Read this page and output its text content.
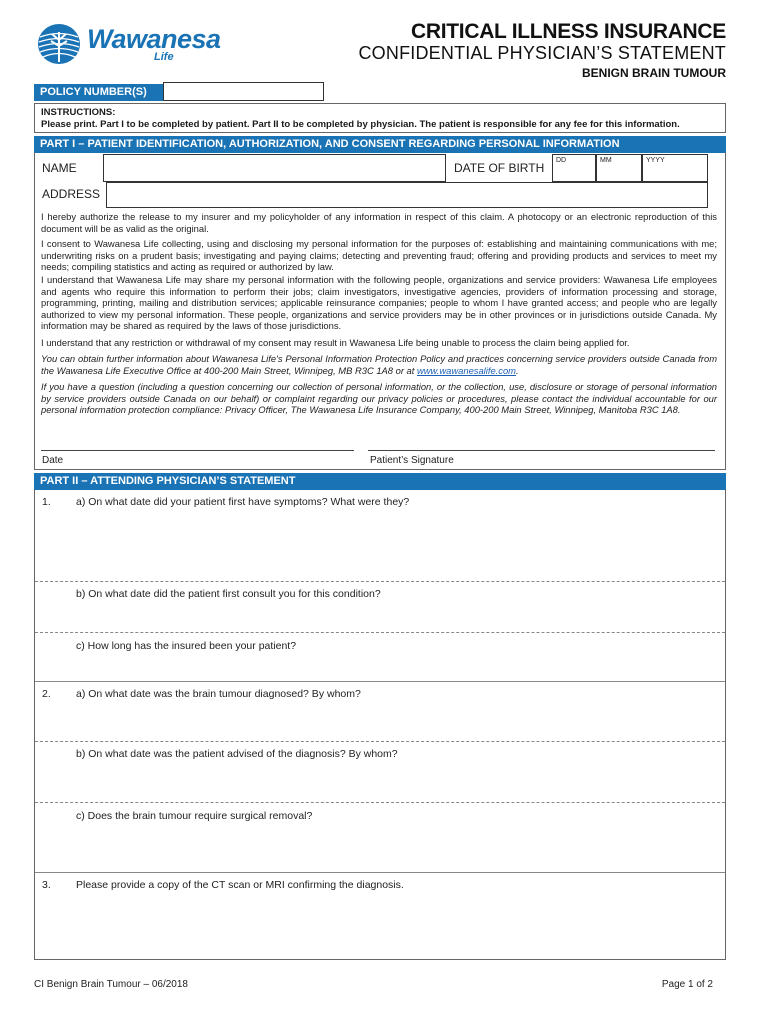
Wawanesa
Life
CRITICAL ILLNESS INSURANCE
CONFIDENTIAL PHYSICIAN’S STATEMENT
BENIGN BRAIN TUMOUR
POLICY NUMBER(S)
INSTRUCTIONS:
Please print. Part I to be completed by patient. Part II to be completed by physician. The patient is responsible for any fee for this information.
PART I – PATIENT IDENTIFICATION, AUTHORIZATION, AND CONSENT REGARDING PERSONAL INFORMATION
NAME	DATE OF BIRTH
DD	MM	YYYY
ADDRESS
I hereby authorize the release to my insurer and my policyholder of any information in respect of this claim. A photocopy or an electronic reproduction of this document will be as valid as the original.
I consent to Wawanesa Life collecting, using and disclosing my personal information for the purposes of: establishing and maintaining communications with me; underwriting risks on a prudent basis; investigating and paying claims; detecting and preventing fraud; offering and providing products and services to meet my needs; compiling statistics and acting as required or authorized by law.
I understand that Wawanesa Life may share my personal information with the following people, organizations and service providers: Wawanesa Life employees and agents who require this information to perform their jobs; claim investigators, investigative agencies, providers of information processing and storage, programming, printing, mailing and distribution services; applicable reinsurance companies; people to whom I have granted access; and people who are legally authorized to view my personal information. These people, organizations and service providers may be in other provinces or in jurisdictions outside Canada. My information may be shared as required by the laws of those jurisdictions.
I understand that any restriction or withdrawal of my consent may result in Wawanesa Life being unable to process the claim being applied for.
You can obtain further information about Wawanesa Life's Personal Information Protection Policy and practices concerning service providers outside Canada from the Wawanesa Life Executive Office at 400-200 Main Street, Winnipeg, MB R3C 1A8 or at www.wawanesalife.com.
If you have a question (including a question concerning our collection of personal information, or the collection, use, disclosure or storage of personal information by service providers outside Canada on our behalf) or complaint regarding our privacy policies or procedures, please contact the individual accountable for our personal information protection compliance: Privacy Officer, The Wawanesa Life Insurance Company, 400-200 Main Street, Winnipeg, Manitoba R3C 1A8.
Date	Patient’s Signature
PART II – ATTENDING PHYSICIAN’S STATEMENT
1. a) On what date did your patient first have symptoms? What were they?
b) On what date did the patient first consult you for this condition?
c) How long has the insured been your patient?
2. a) On what date was the brain tumour diagnosed? By whom?
b) On what date was the patient advised of the diagnosis? By whom?
c) Does the brain tumour require surgical removal?
3. Please provide a copy of the CT scan or MRI confirming the diagnosis.
CI Benign Brain Tumour – 06/2018	Page 1 of 2
